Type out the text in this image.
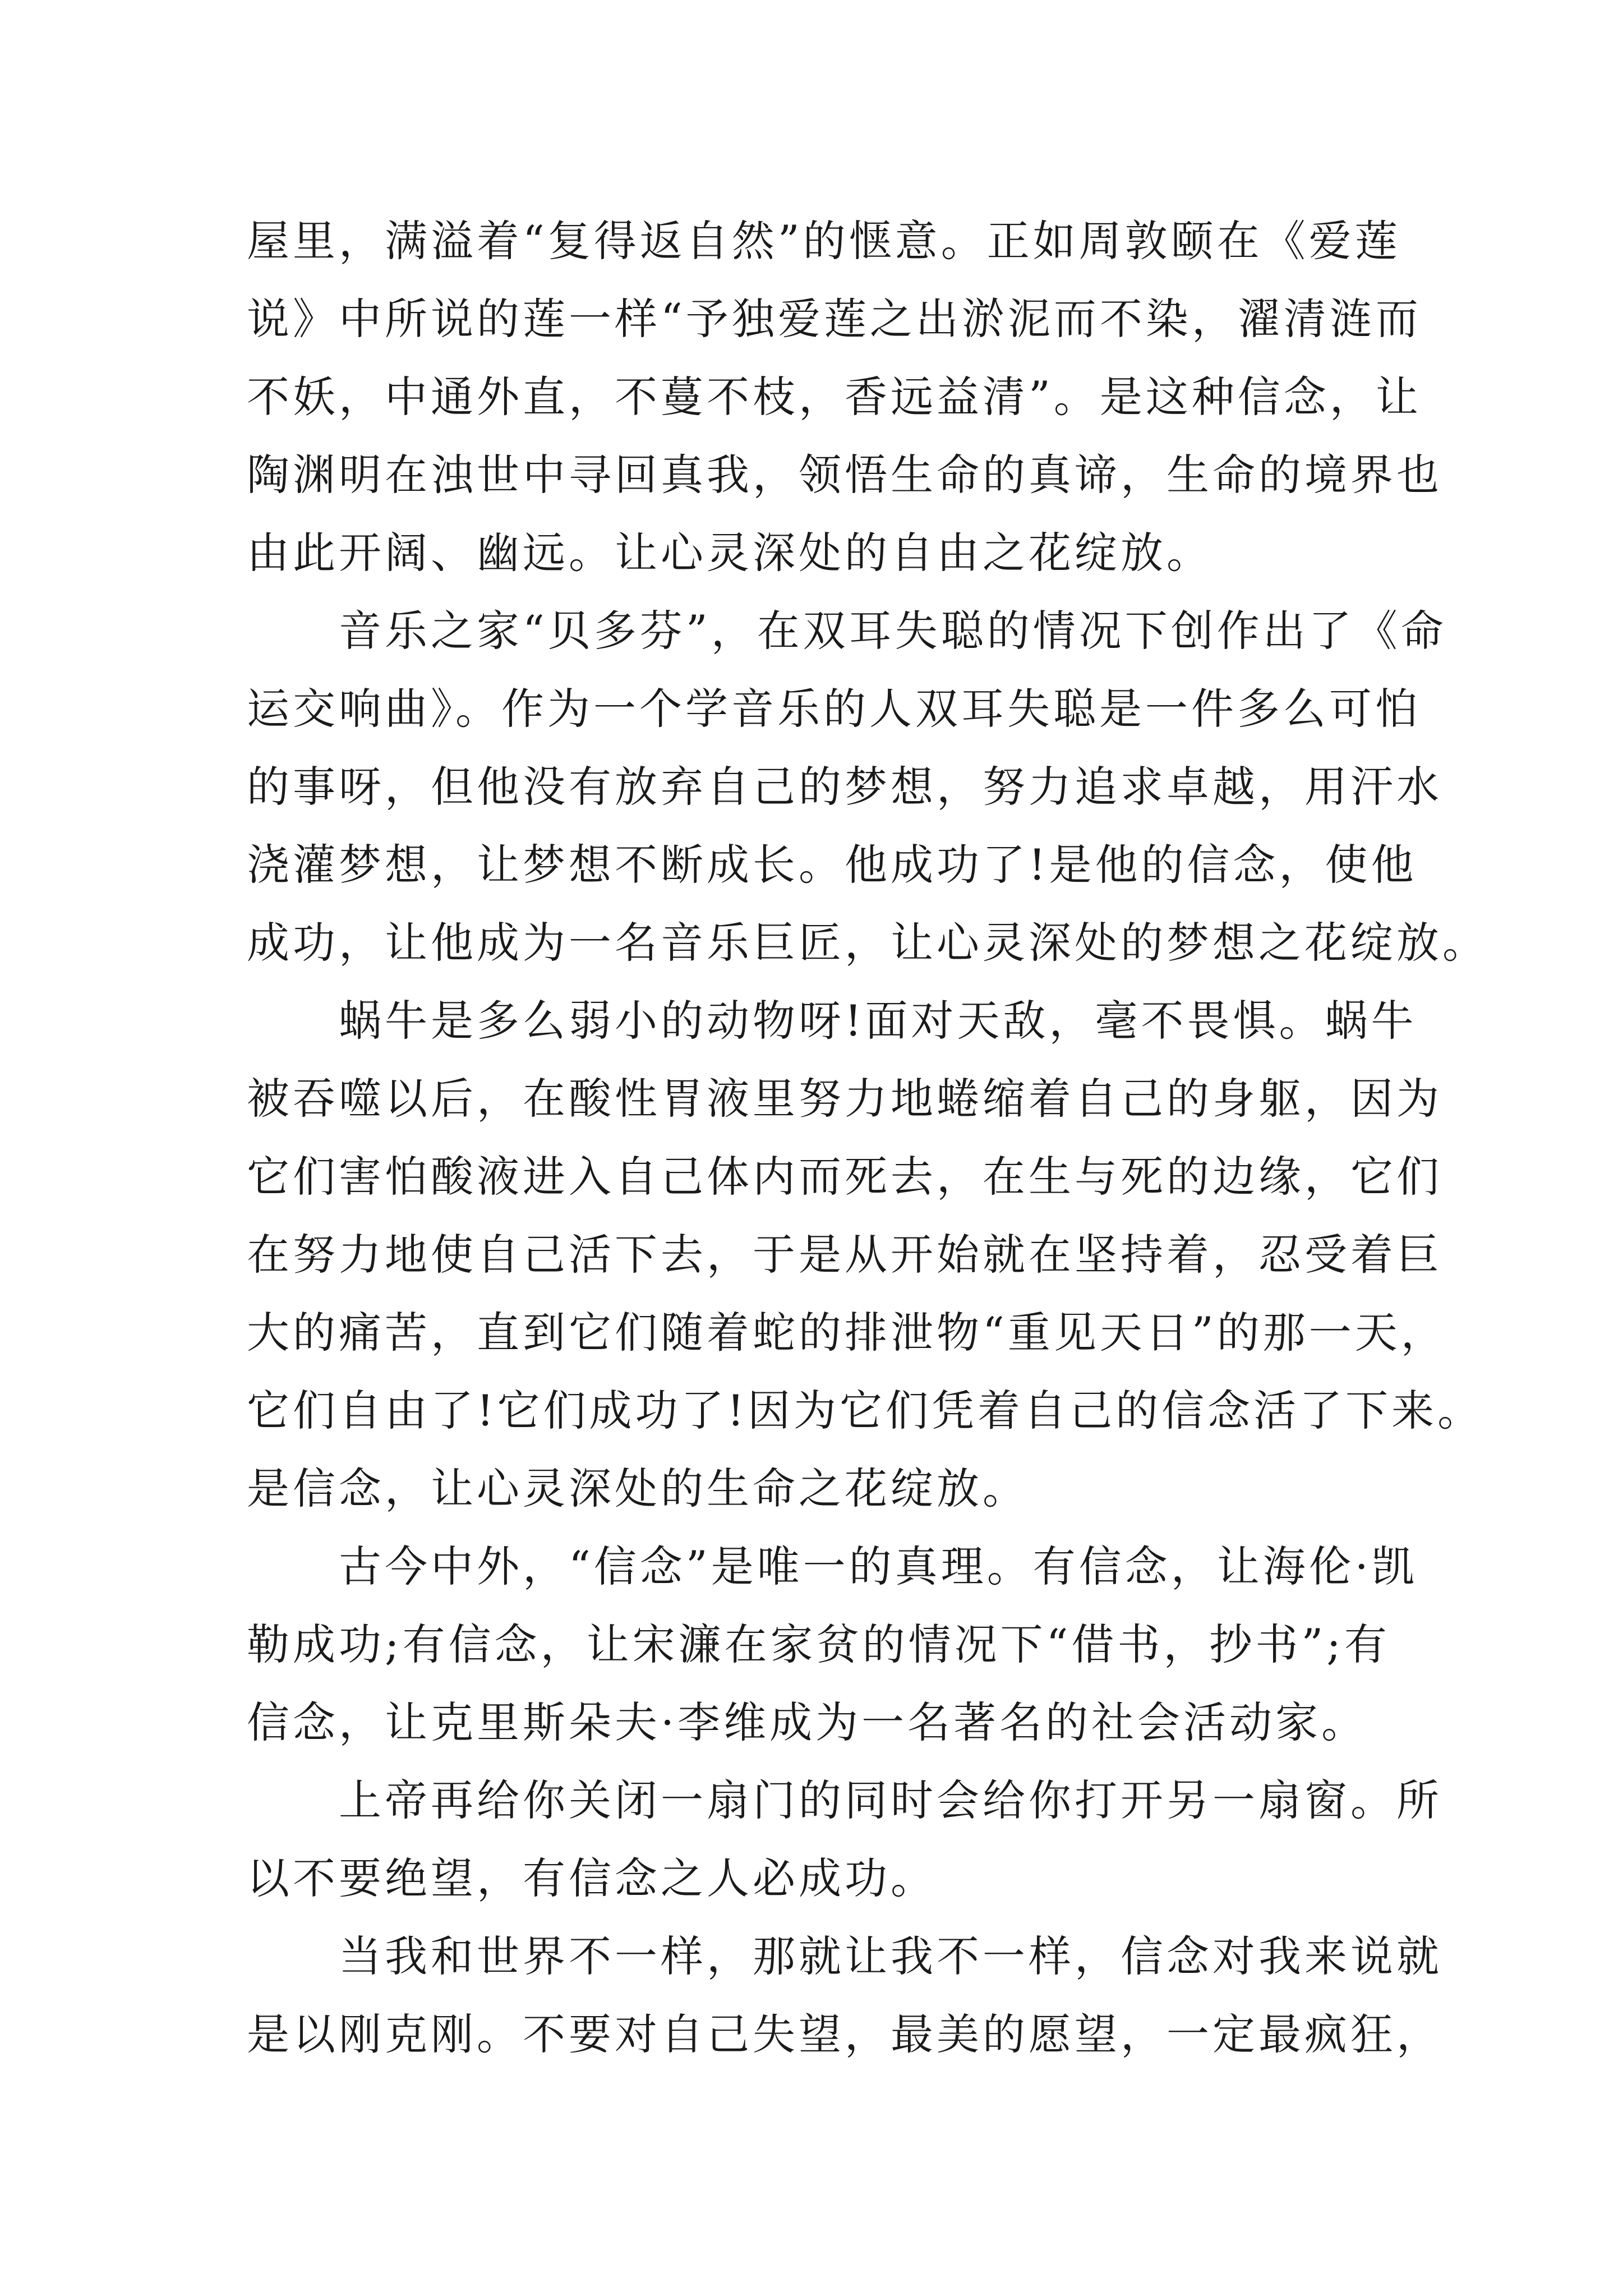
屋里，满溢着“复得返自然”的惬意。正如周敦颐在《爱莲
说》中所说的莲一样“予独爱莲之出淤泥而不染，濯清涟而
不妖，中通外直，不蔓不枝，香远益清”。是这种信念，让
陶渊明在浊世中寻回真我，领悟生命的真谛，生命的境界也
由此开阔、幽远。让心灵深处的自由之花绽放。
　　音乐之家“贝多芬”，在双耳失聪的情况下创作出了《命
运交响曲》。作为一个学音乐的人双耳失聪是一件多么可怕
的事呀，但他没有放弃自己的梦想，努力追求卓越，用汗水
浇灌梦想，让梦想不断成长。他成功了!是他的信念，使他
成功，让他成为一名音乐巨匠，让心灵深处的梦想之花绽放。
　　蜗牛是多么弱小的动物呀!面对天敌，毫不畏惧。蜗牛
被吞噬以后，在酸性胃液里努力地蜷缩着自己的身躯，因为
它们害怕酸液进入自己体内而死去，在生与死的边缘，它们
在努力地使自己活下去，于是从开始就在坚持着，忍受着巨
大的痛苦，直到它们随着蛇的排泄物“重见天日”的那一天，
它们自由了!它们成功了!因为它们凭着自己的信念活了下来。
是信念，让心灵深处的生命之花绽放。
　　古今中外，“信念”是唯一的真理。有信念，让海伦·凯
勒成功;有信念，让宋濂在家贫的情况下“借书，抄书”;有
信念，让克里斯朵夫·李维成为一名著名的社会活动家。
　　上帝再给你关闭一扇门的同时会给你打开另一扇窗。所
以不要绝望，有信念之人必成功。
　　当我和世界不一样，那就让我不一样，信念对我来说就
是以刚克刚。不要对自己失望，最美的愿望，一定最疯狂，
